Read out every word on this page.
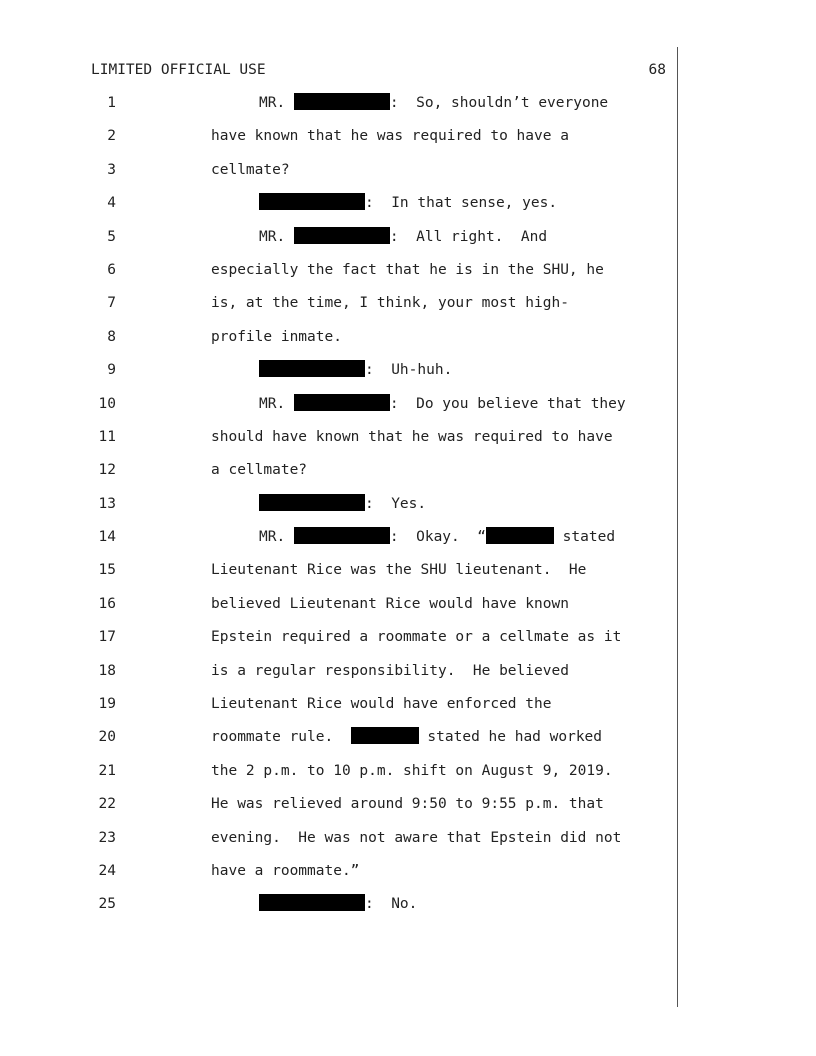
LIMITED OFFICIAL USE	68
1	MR.	:  So, shouldn’t everyone
2	have known that he was required to have a
3	cellmate?
4	:  In that sense, yes.
5	MR.	:  All right.  And
6	especially the fact that he is in the SHU, he
7	is, at the time, I think, your most high-
8	profile inmate.
9	:  Uh-huh.
10	MR.	:  Do you believe that they
11	should have known that he was required to have
12	a cellmate?
13	:  Yes.
14	MR.	:  Okay.  “	stated
15	Lieutenant Rice was the SHU lieutenant.  He
16	believed Lieutenant Rice would have known
17	Epstein required a roommate or a cellmate as it
18	is a regular responsibility.  He believed
19	Lieutenant Rice would have enforced the
20	roommate rule.	stated he had worked
21	the 2 p.m. to 10 p.m. shift on August 9, 2019.
22	He was relieved around 9:50 to 9:55 p.m. that
23	evening.  He was not aware that Epstein did not
24	have a roommate.”
25	:  No.
